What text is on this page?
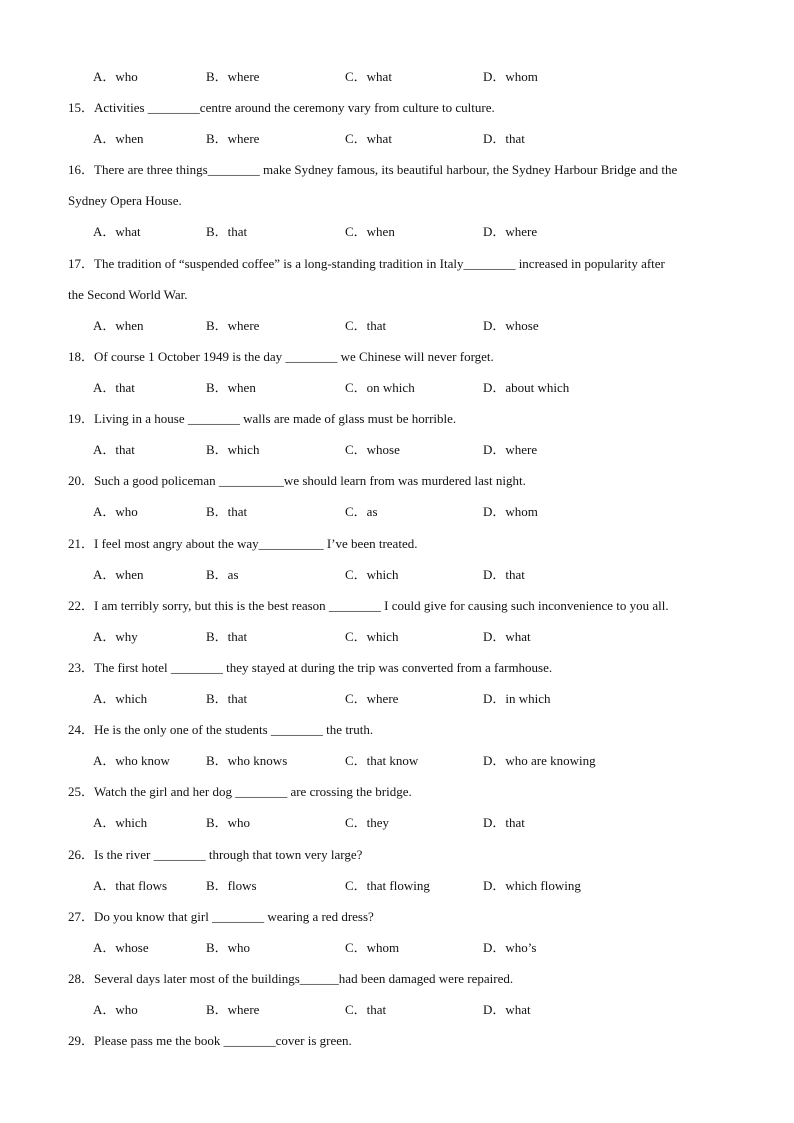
A．who	B．where	C．what	D．whom
15．Activities ________centre around the ceremony vary from culture to culture.
A．when	B．where	C．what	D．that
16．There are three things________ make Sydney famous, its beautiful harbour, the Sydney Harbour Bridge and the
Sydney Opera House.
A．what	B．that	C．when	D．where
17．The tradition of “suspended coffee” is a long-standing tradition in Italy________ increased in popularity after
the Second World War.
A．when	B．where	C．that	D．whose
18．Of course 1 October 1949 is the day ________ we Chinese will never forget.
A．that	B．when	C．on which	D．about which
19．Living in a house ________ walls are made of glass must be horrible.
A．that	B．which	C．whose	D．where
20．Such a good policeman __________we should learn from was murdered last night.
A．who	B．that	C．as	D．whom
21．I feel most angry about the way__________ I’ve been treated.
A．when	B．as	C．which	D．that
22．I am terribly sorry, but this is the best reason ________ I could give for causing such inconvenience to you all.
A．why	B．that	C．which	D．what
23．The first hotel ________ they stayed at during the trip was converted from a farmhouse.
A．which	B．that	C．where	D．in which
24．He is the only one of the students ________ the truth.
A．who know	B．who knows	C．that know	D．who are knowing
25．Watch the girl and her dog ________ are crossing the bridge.
A．which	B．who	C．they	D．that
26．Is the river ________ through that town very large?
A．that flows	B．flows	C．that flowing	D．which flowing
27．Do you know that girl ________ wearing a red dress?
A．whose	B．who	C．whom	D．who’s
28．Several days later most of the buildings______had been damaged were repaired.
A．who	B．where	C．that	D．what
29．Please pass me the book ________cover is green.
